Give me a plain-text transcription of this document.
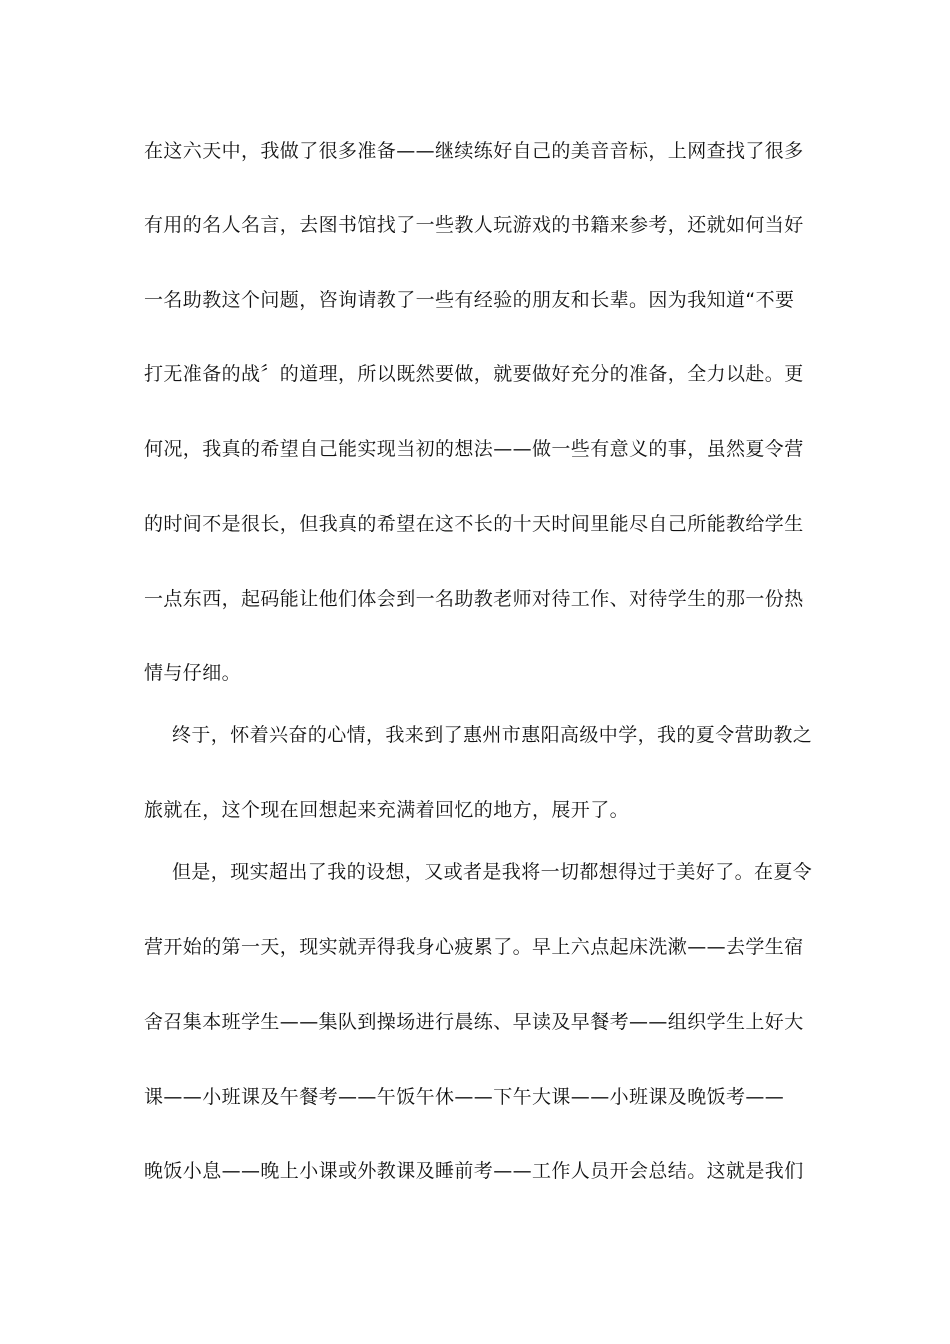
在这六天中，我做了很多准备——继续练好自己的美音音标，上网查找了很多
有用的名人名言，去图书馆找了一些教人玩游戏的书籍来参考，还就如何当好
一名助教这个问题，咨询请教了一些有经验的朋友和长辈。因为我知道“不要
打无准备的战〞的道理，所以既然要做，就要做好充分的准备，全力以赴。更
何况，我真的希望自己能实现当初的想法——做一些有意义的事，虽然夏令营
的时间不是很长，但我真的希望在这不长的十天时间里能尽自己所能教给学生
一点东西，起码能让他们体会到一名助教老师对待工作、对待学生的那一份热
情与仔细。
终于，怀着兴奋的心情，我来到了惠州市惠阳高级中学，我的夏令营助教之
旅就在，这个现在回想起来充满着回忆的地方，展开了。
但是，现实超出了我的设想，又或者是我将一切都想得过于美好了。在夏令
营开始的第一天，现实就弄得我身心疲累了。早上六点起床洗漱——去学生宿
舍召集本班学生——集队到操场进行晨练、早读及早餐考——组织学生上好大
课——小班课及午餐考——午饭午休——下午大课——小班课及晚饭考——
晚饭小息——晚上小课或外教课及睡前考——工作人员开会总结。这就是我们
